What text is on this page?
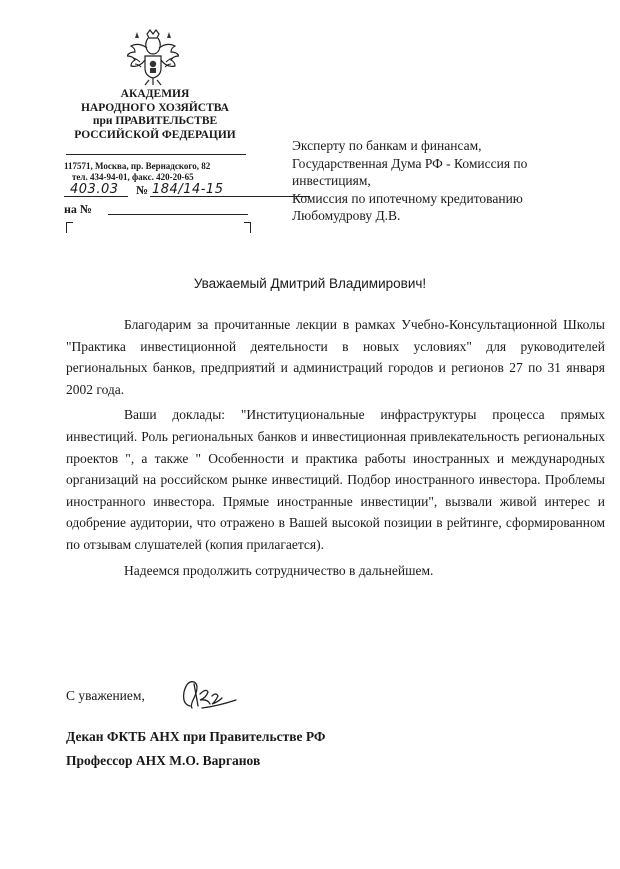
АКАДЕМИЯ
НАРОДНОГО ХОЗЯЙСТВА
при ПРАВИТЕЛЬСТВЕ
РОССИЙСКОЙ ФЕДЕРАЦИИ
117571, Москва, пр. Вернадского, 82
тел. 434-94-01, факс. 420-20-65
403.03 № 184/14-15
на №
Эксперту по банкам и финансам,
Государственная Дума РФ - Комиссия по
инвестициям,
Комиссия по ипотечному кредитованию
Любомудрову Д.В.
Уважаемый Дмитрий Владимирович!

Благодарим за прочитанные лекции в рамках Учебно-Консультационной Школы "Практика инвестиционной деятельности в новых условиях" для руководителей региональных банков, предприятий и администраций городов и регионов 27 по 31 января 2002 года.

Ваши доклады: "Институциональные инфраструктуры процесса прямых инвестиций. Роль региональных банков и инвестиционная привлекательность региональных проектов ", а также " Особенности и практика работы иностранных и международных организаций на российском рынке инвестиций. Подбор иностранного инвестора. Проблемы иностранного инвестора. Прямые иностранные инвестиции", вызвали живой интерес и одобрение аудитории, что отражено в Вашей высокой позиции в рейтинге, сформированном по отзывам слушателей (копия прилагается).

Надеемся продолжить сотрудничество в дальнейшем.

С уважением,
Декан ФКТБ АНХ при Правительстве РФ
Профессор АНХ М.О. Варганов
